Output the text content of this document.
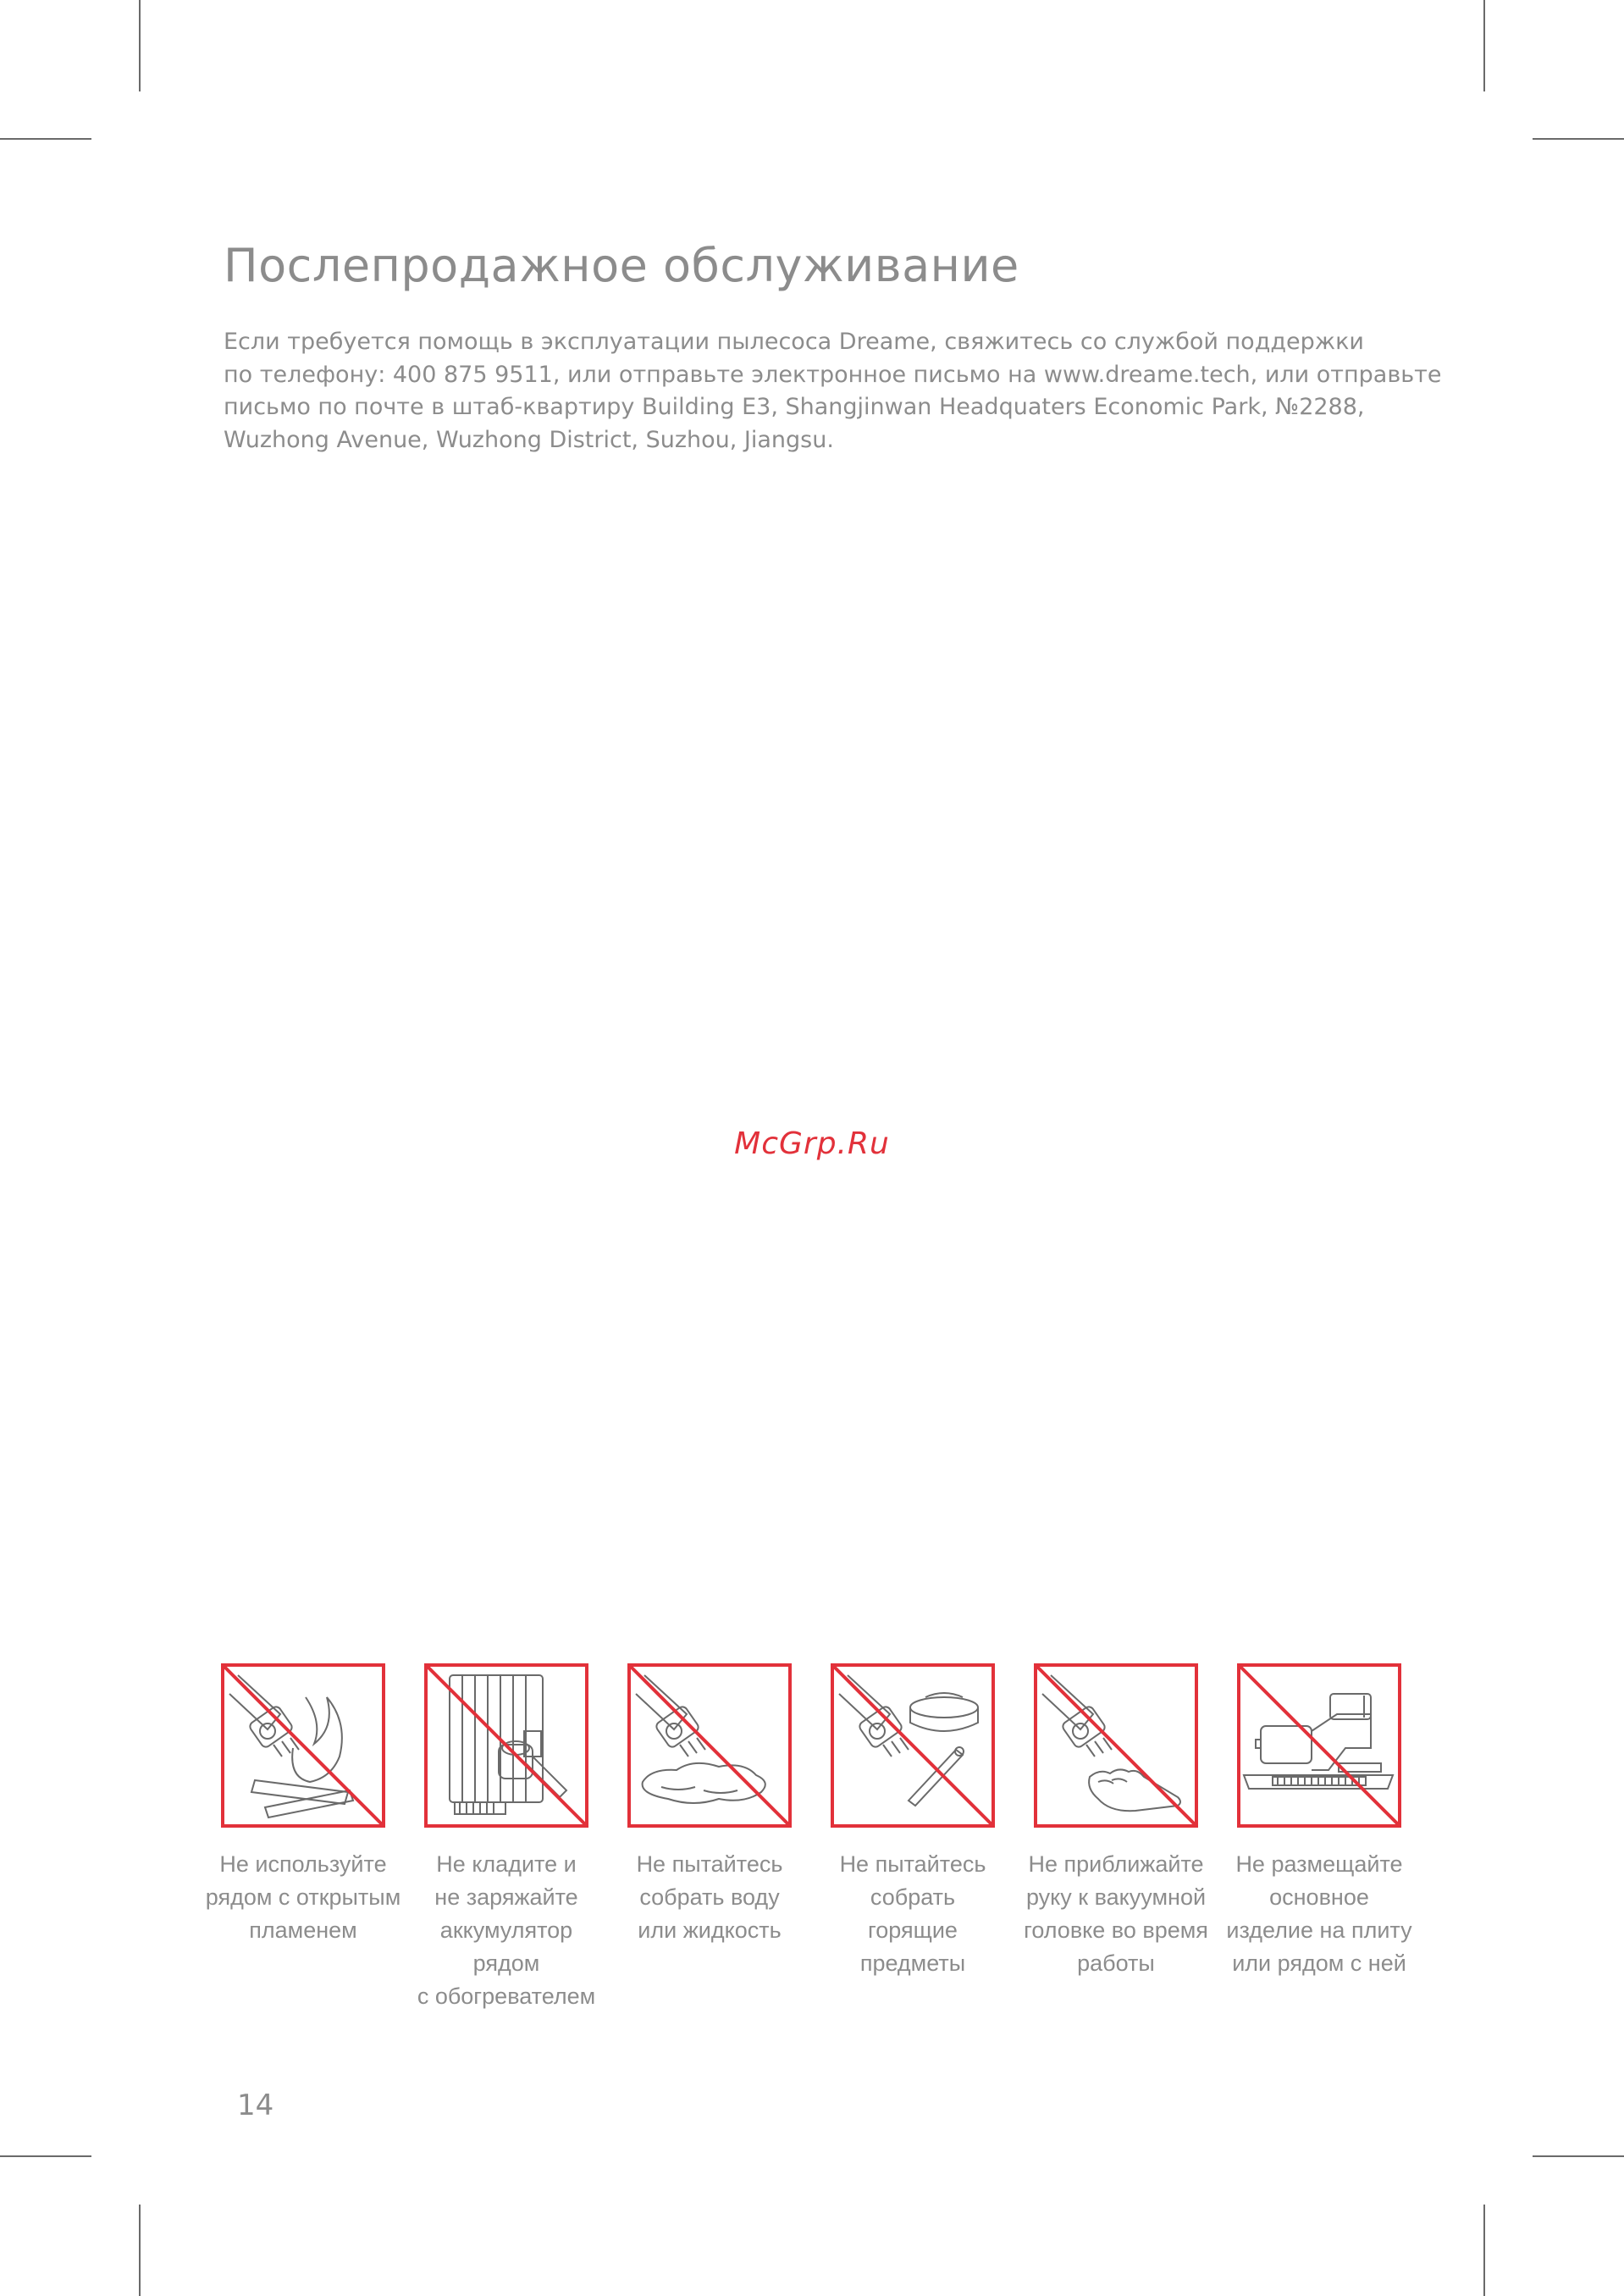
Послепродажное обслуживание
Если требуется помощь в эксплуатации пылесоса Dreame, свяжитесь со службой поддержки
по телефону: 400 875 9511, или отправьте электронное письмо на www.dreame.tech, или отправьте
письмо по почте в штаб-квартиру Building E3, Shangjinwan Headquaters Economic Park, №2288,
Wuzhong Avenue, Wuzhong District, Suzhou, Jiangsu.
McGrp.Ru
Не используйте
рядом с открытым
пламенем
Не кладите и
не заряжайте
аккумулятор
рядом
с обогревателем
Не пытайтесь
собрать воду
или жидкость
Не пытайтесь
собрать
горящие
предметы
Не приближайте
руку к вакуумной
головке во время
работы
Не размещайте
основное
изделие на плиту
или рядом с ней
14
